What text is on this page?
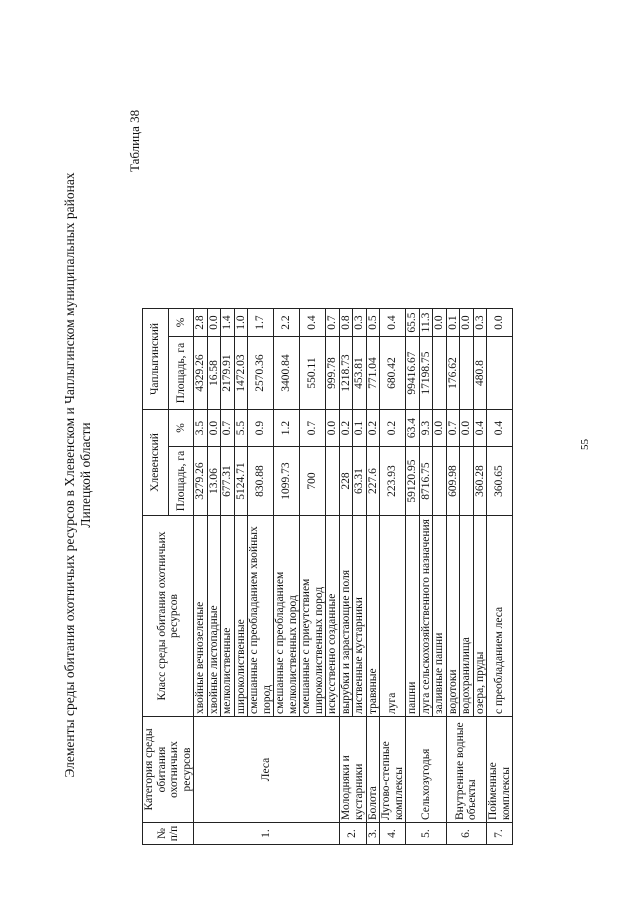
Элементы среды обитания охотничьих ресурсов в Хлевенском и Чаплыгинском муниципальных районах Липецкой области
Таблица 38
№ п/п	Категория среды обитания охотничьих ресурсов	Класс среды обитания охотничьих ресурсов	Хлевенский		Чаплыгинский	
			Площадь, га	%	Площадь, га	%
1.	Леса	хвойные вечнозеленые	3279.26	3.5	4329.26	2.8
		хвойные листопадные	13.06	0.0	16.58	0.0
		мелколиственные	677.31	0.7	2179.91	1.4
		широколиственные	5124.71	5.5	1472.03	1.0
		смешанные с преобладанием хвойных пород	830.88	0.9	2570.36	1.7
		смешанные с преобладанием мелколиственных пород	1099.73	1.2	3400.84	2.2
		смешанные с приеутствием широколиственных пород	700	0.7	550.11	0.4
		искусственно созданные		0.0	999.78	0.7
2.	Молодняки и кустарники	вырубки и зарастающие поля	228	0.2	1218.73	0.8
		лиственные кустарники	63.31	0.1	453.81	0.3
3.	Болота	травяные	227.6	0.2	771.04	0.5
4.	Лугово-степные комплексы	луга	223.93	0.2	680.42	0.4
5.	Сельхозугодья	пашни	59120.95	63.4	99416.67	65.5
		луга сельскохозяйственного назначения	8716.75	9.3	17198.75	11.3
		заливные пашни		0.0		0.0
6.	Внутренние водные объекты	водотоки	609.98	0.7	176.62	0.1
		водохранилища		0.0		0.0
		озера, пруды	360.28	0.4	480.8	0.3
7.	Пойменные комплексы	с преобладанием леса	360.65	0.4		0.0
55
